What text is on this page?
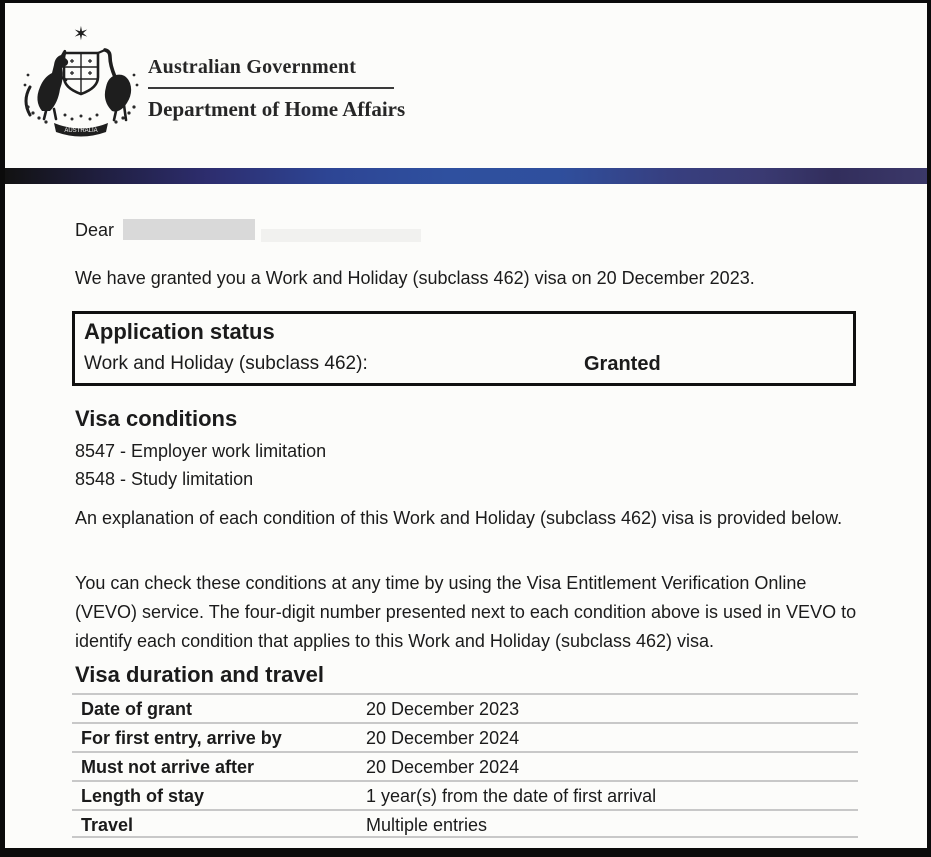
✶
AUSTRALIA
Australian Government
Department of Home Affairs

Dear

We have granted you a Work and Holiday (subclass 462) visa on 20 December 2023.

Application status
Work and Holiday (subclass 462):	Granted
Visa conditions
8547 - Employer work limitation
8548 - Study limitation

An explanation of each condition of this Work and Holiday (subclass 462) visa is provided below.

You can check these conditions at any time by using the Visa Entitlement Verification Online (VEVO) service. The four-digit number presented next to each condition above is used in VEVO to identify each condition that applies to this Work and Holiday (subclass 462) visa.

Visa duration and travel
Date of grant	20 December 2023
For first entry, arrive by	20 December 2024
Must not arrive after	20 December 2024
Length of stay	1 year(s) from the date of first arrival
Travel	Multiple entries
